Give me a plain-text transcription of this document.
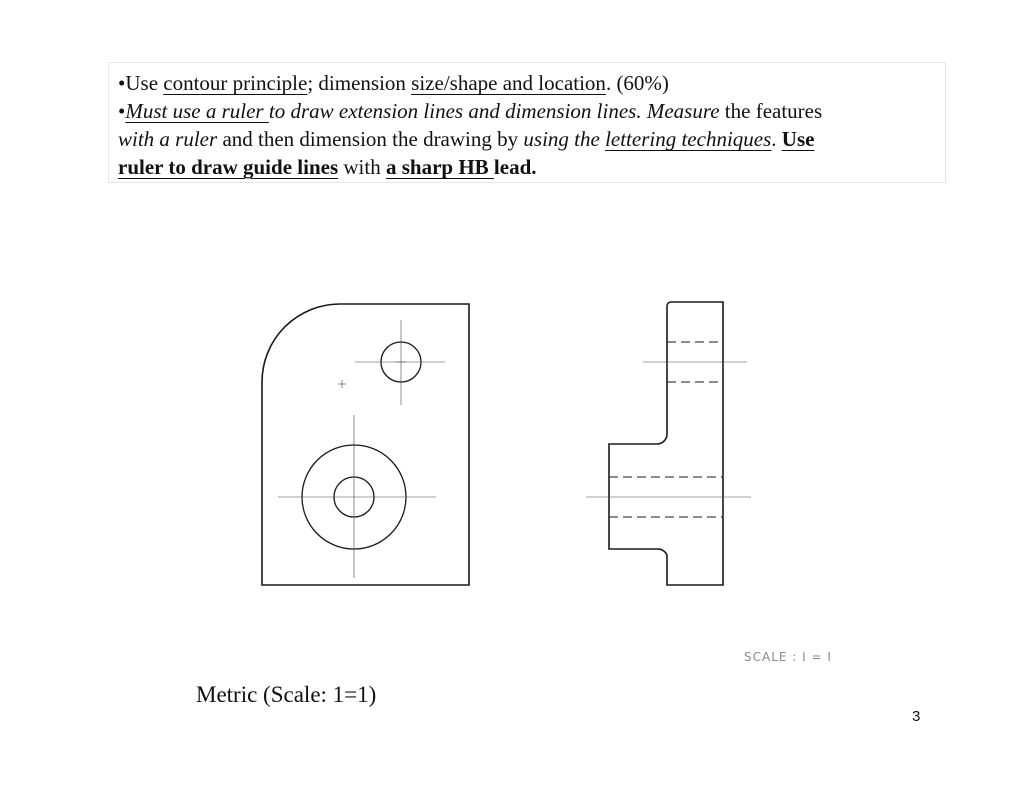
•Use contour principle; dimension size/shape and location. (60%)
•Must use a ruler to draw extension lines and dimension lines. Measure the features
with a ruler and then dimension the drawing by using the lettering techniques. Use
ruler to draw guide lines with a sharp HB lead.
SCALE : I = I
Metric (Scale: 1=1)
3
